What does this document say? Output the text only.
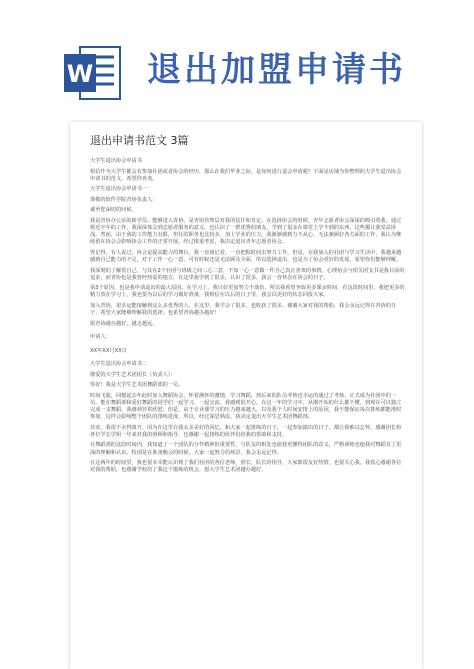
W 退出加盟申请书
退出申请书范文 3篇
大学生退出协会申请书
相信作为大学生都会有参加社团或者协会的经历，那么在我们毕业之际，是如何进行退会申请呢？下面是店铺为你整理的大学生退出协会申请书的范文，希望你喜欢。
大学生退出协会申请书一
尊敬的软件学院青协负责人：
诚至您深切的问候。
我是青协办公室的新学员。能够进入青协，是青协管理层对我的信任和肯定。在选择协会的时候，青年志愿者协会深深的吸引着我，通过将近半年的工作，我深深体会到志愿者服务的意义，也认识了一群优秀的朋友，学到了很多在课堂上学不到的东西，这些都让我受益匪浅。然而，由于我的工作能力有限，担任的职务也比较多，加上学业的压力，我渐渐感到力不从心，无法兼顾好各方面的工作，我认为继续留在协会会影响协会工作的正常开展，经过慎重考虑，我决定退出青年志愿者协会。
曾记得，有人说过，协会是提高能力的舞台。我一直铭记着，一直把握时间去努力工作，但是，在我加入的社团与学习生活中，我越来越感到自己能力的不足，对于工作一心一意，可有时候还是无法顾及全面，所以选择退出，也是为了协会更好的发展，希望你们能够理解。
我深刻的了解着自己，与其在2个社团与班级之间三心二意，不如一心一意做一件自己真正喜欢的事情。心理协会与相关团支书是我目前的追求，而青协也是我曾经热爱的地方，在这里我学到了很多，认识了很多，我会一直怀念在协会的日子。
第3个原因，也是我申请退出的最大原因。在学习上，我只好更加努力不落伍，所以我希望争取更多课余时间，在这段时间里，我把更多的精力放在学习上，我也要为以后的学习做好准备，我相信在以后的日子里，我会以更好的状态回报大家。
加入青协，很幸运能接触到这么多优秀的人，在这里，我学会了很多，也收获了很多，谢谢大家对我的帮助，我会永远记得在青协的日子，希望大家能够理解我的选择，也希望青协越办越好！
愿青协越办越好，越走越远。
申请人：
XX年XX月XX日
大学生退出协会申请书二
敬爱的大学生艺术团团长（负责人）：
你好！我是大学生艺术团舞蹈部的一员。
时间飞逝，回想起去年此时加入舞蹈协会，怀着满怀的激情，学习舞蹈，到后来的队员考核也幸运的通过了考核，正式成为社团中的一员。能在舞蹈部和爱好舞蹈的同学们一起学习，一起交流，我感到很开心，在这一年的学习中，从刚开始的什么都不懂，到现在可以独立完成一支舞蹈，我感到非常欣慰。但是，由于专业课学习的压力越来越大，以及我个人时间安排上的原因，我不能保证每次排练都能准时参加，这样会影响整个团队的排练进度，所以，经过深思熟虑，我决定退出大学生艺术团舞蹈部。
其实，我很不舍得离开，因为在这里有我太多美好的回忆，和大家一起排练的日子，一起参加演出的日子，都让我难以忘怀。感谢团长和各位学长学姐一年来对我的照顾和指导，也感谢一起排练的伙伴们给我的帮助和支持。
在舞蹈部的这段时间内，我知道了一个团队的合作精神的重要性，与队友的相处也使我更懂得团队的意义，严格训练也使我对舞蹈有了更深的理解和认识。特别是在准备晚会的时候，大家一起努力的场景，我会永远记得。
在这两年的时间里，我也很幸幸能认识到了我们社团的各位老师，团长，队长的指导，大家都很友好热情，也很关心我。我真心感谢各位对我的帮助，也感谢学校给了我这个锻炼的机会，愿大学生艺术团越办越好。
